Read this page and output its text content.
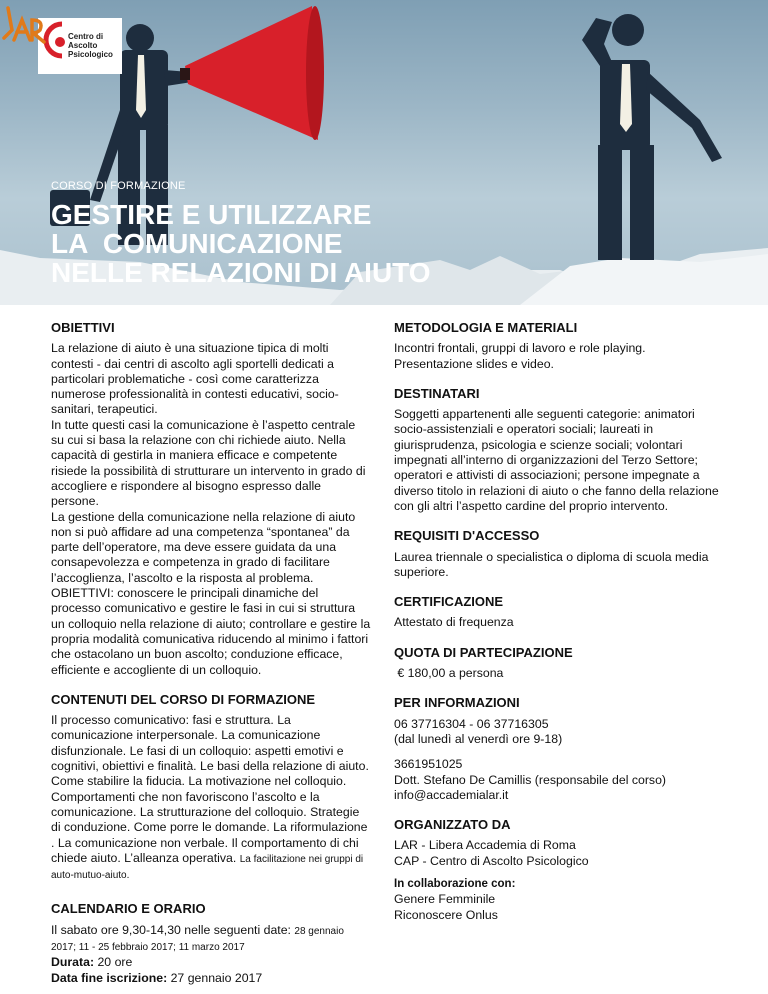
Centro di
Ascolto
Psicologico
CORSO DI FORMAZIONE
GESTIRE E UTILIZZARE
LA  COMUNICAZIONE
NELLE RELAZIONI DI AIUTO
OBIETTIVI

La relazione di aiuto è una situazione tipica di molti contesti - dai centri di ascolto agli sportelli dedicati a particolari problematiche - così come caratterizza numerose professionalità in contesti educativi, socio-sanitari, terapeutici.
In tutte questi casi la comunicazione è l’aspetto centrale su cui si basa la relazione con chi richiede aiuto. Nella capacità di gestirla in maniera efficace e competente risiede la possibilità di strutturare un intervento in grado di accogliere e rispondere al bisogno espresso dalle persone.
La gestione della comunicazione nella relazione di aiuto non si può affidare ad una competenza “spontanea” da parte dell’operatore, ma deve essere guidata da una consapevolezza e competenza in grado di facilitare l’accoglienza, l’ascolto e la risposta al problema.
OBIETTIVI: conoscere le principali dinamiche del processo comunicativo e gestire le fasi in cui si struttura un colloquio nella relazione di aiuto; controllare e gestire la propria modalità comunicativa riducendo al minimo i fattori che ostacolano un buon ascolto; conduzione efficace, efficiente e accogliente di un colloquio.

CONTENUTI DEL CORSO DI FORMAZIONE

Il processo comunicativo: fasi e struttura. La comunicazione interpersonale. La comunicazione disfunzionale. Le fasi di un colloquio: aspetti emotivi e cognitivi, obiettivi e finalità. Le basi della relazione di aiuto. Come stabilire la fiducia. La motivazione nel colloquio. Comportamenti che non favoriscono l’ascolto e la comunicazione. La strutturazione del colloquio. Strategie di conduzione. Come porre le domande. La riformulazione . La comunicazione non verbale. Il comportamento di chi chiede aiuto. L’alleanza operativa. La facilitazione nei gruppi di auto-mutuo-aiuto.

CALENDARIO E ORARIO

Il sabato ore 9,30-14,30 nelle seguenti date: 28 gennaio 2017; 11 - 25 febbraio 2017; 11 marzo 2017

Durata: 20 ore

Data fine iscrizione: 27 gennaio 2017

METODOLOGIA E MATERIALI

Incontri frontali, gruppi di lavoro e role playing.
Presentazione slides e video.

DESTINATARI

Soggetti appartenenti alle seguenti categorie: animatori socio-assistenziali e operatori sociali; laureati in giurisprudenza, psicologia e scienze sociali; volontari impegnati all’interno di organizzazioni del Terzo Settore; operatori e attivisti di associazioni; persone impegnate a diverso titolo in relazioni di aiuto o che fanno della relazione con gli altri l’aspetto cardine del proprio intervento.

REQUISITI D'ACCESSO

Laurea triennale o specialistica o diploma di scuola media superiore.

CERTIFICAZIONE

Attestato di frequenza

QUOTA DI PARTECIPAZIONE

€ 180,00 a persona

PER INFORMAZIONI

06 37716304 - 06 37716305
(dal lunedì al venerdì ore 9-18)

3661951025
Dott. Stefano De Camillis (responsabile del corso)
info@accademialar.it

ORGANIZZATO DA

LAR - Libera Accademia di Roma
CAP - Centro di Ascolto Psicologico

In collaborazione con:

Genere Femminile
Riconoscere Onlus
